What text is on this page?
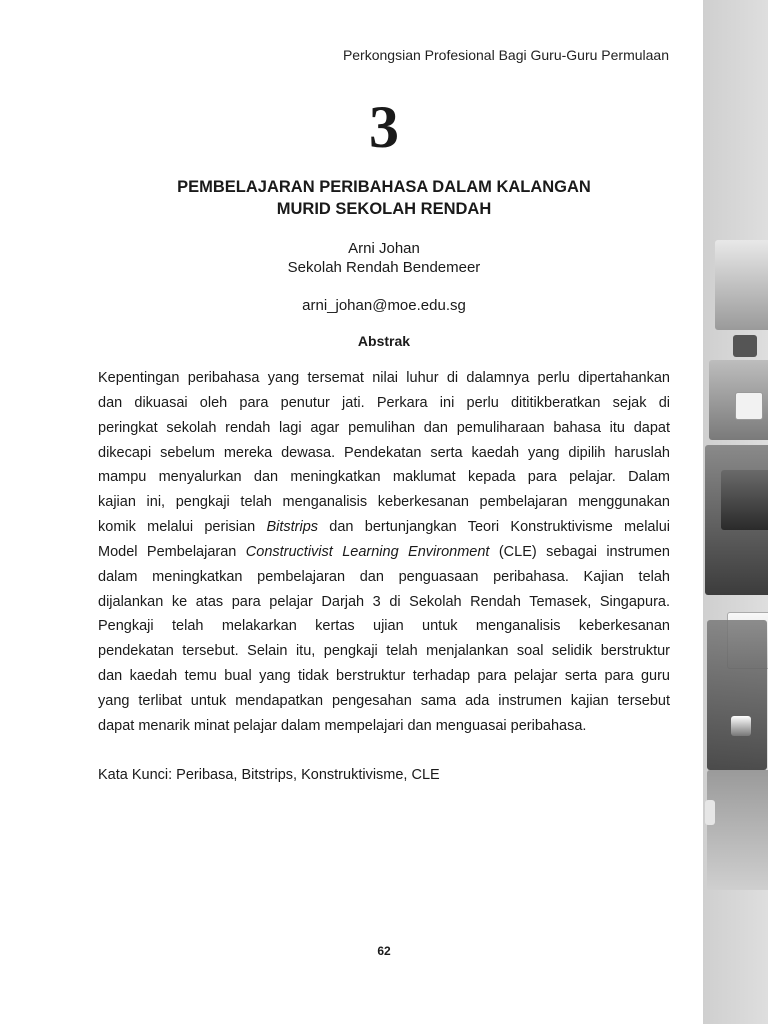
Perkongsian Profesional Bagi Guru-Guru Permulaan
3
PEMBELAJARAN PERIBAHASA DALAM KALANGAN
MURID SEKOLAH RENDAH
Arni Johan
Sekolah Rendah Bendemeer
arni_johan@moe.edu.sg
Abstrak
Kepentingan peribahasa yang tersemat nilai luhur di dalamnya perlu dipertahankan
dan dikuasai oleh para penutur jati. Perkara ini perlu dititikberatkan sejak di
peringkat sekolah rendah lagi agar pemulihan dan pemuliharaan bahasa itu dapat
dikecapi sebelum mereka dewasa. Pendekatan serta kaedah yang dipilih haruslah
mampu menyalurkan dan meningkatkan maklumat kepada para pelajar. Dalam
kajian ini, pengkaji telah menganalisis keberkesanan pembelajaran menggunakan
komik melalui perisian Bitstrips dan bertunjangkan Teori Konstruktivisme melalui
Model Pembelajaran Constructivist Learning Environment (CLE) sebagai instrumen
dalam meningkatkan pembelajaran dan penguasaan peribahasa. Kajian telah
dijalankan ke atas para pelajar Darjah 3 di Sekolah Rendah Temasek, Singapura.
Pengkaji telah melakarkan kertas ujian untuk menganalisis keberkesanan
pendekatan tersebut. Selain itu, pengkaji telah menjalankan soal selidik berstruktur
dan kaedah temu bual yang tidak berstruktur terhadap para pelajar serta para guru
yang terlibat untuk mendapatkan pengesahan sama ada instrumen kajian tersebut
dapat menarik minat pelajar dalam mempelajari dan menguasai peribahasa.
Kata Kunci: Peribasa, Bitstrips, Konstruktivisme, CLE
62
